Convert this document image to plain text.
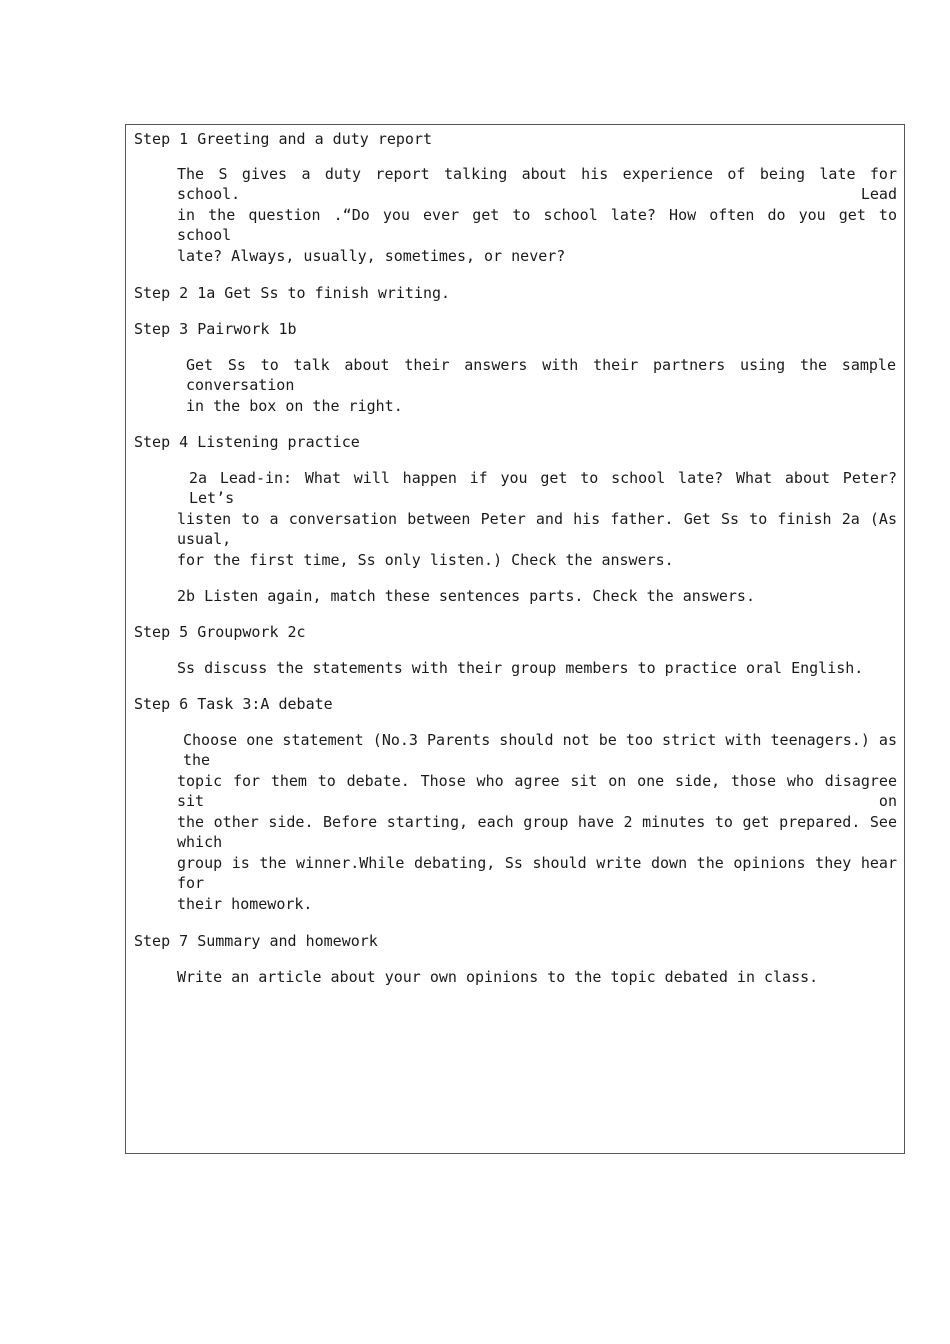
Step 1 Greeting and a duty report
The S gives a duty report talking about his experience of being late for school. Lead
in the question .“Do you ever get to school late? How often do you get to school
late? Always, usually, sometimes, or never?
Step 2 1a Get Ss to finish writing.
Step 3 Pairwork 1b
Get Ss to talk about their answers with their partners using the sample conversation
in the box on the right.
Step 4 Listening practice
2a Lead-in: What will happen if you get to school late? What about Peter? Let’s
listen to a conversation between Peter and his father. Get Ss to finish 2a (As usual,
for the first time, Ss only listen.) Check the answers.
2b Listen again, match these sentences parts. Check the answers.
Step 5 Groupwork 2c
Ss discuss the statements with their group members to practice oral English.
Step 6 Task 3:A debate
Choose one statement (No.3 Parents should not be too strict with teenagers.) as the
topic for them to debate. Those who agree sit on one side, those who disagree sit on
the other side. Before starting, each group have 2 minutes to get prepared. See which
group is the winner.While debating, Ss should write down the opinions they hear for
their homework.
Step 7 Summary and homework
Write an article about your own opinions to the topic debated in class.
